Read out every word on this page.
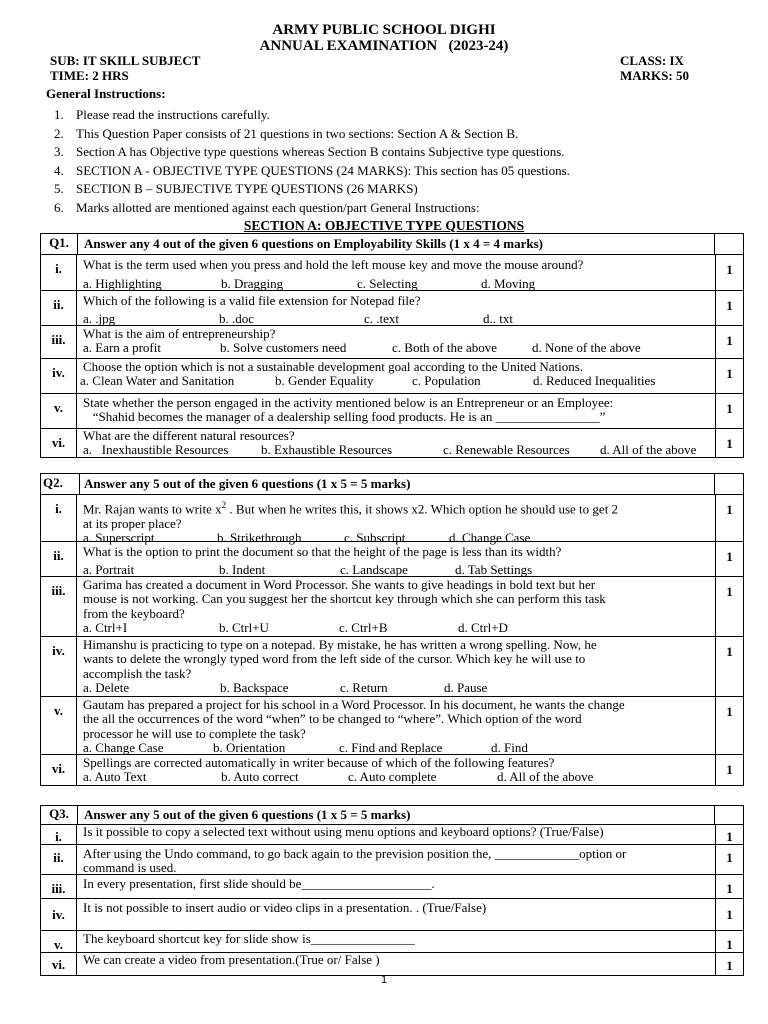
ARMY PUBLIC SCHOOL DIGHI
ANNUAL EXAMINATION   (2023-24)
SUB: IT SKILL SUBJECT	CLASS: IX
TIME: 2 HRS	MARKS: 50
General Instructions:
1. Please read the instructions carefully.
2. This Question Paper consists of 21 questions in two sections: Section A & Section B.
3. Section A has Objective type questions whereas Section B contains Subjective type questions.
4. SECTION A - OBJECTIVE TYPE QUESTIONS (24 MARKS): This section has 05 questions.
5. SECTION B – SUBJECTIVE TYPE QUESTIONS (26 MARKS)
6. Marks allotted are mentioned against each question/part General Instructions:
SECTION A: OBJECTIVE TYPE QUESTIONS
Q1.	Answer any 4 out of the given 6 questions on Employability Skills (1 x 4 = 4 marks)
i.	What is the term used when you press and hold the left mouse key and move the mouse around?
a. Highlighting	b. Dragging	c. Selecting	d. Moving
1
ii.	Which of the following is a valid file extension for Notepad file?
a. .jpg	b. .doc	c. .text	d.. txt
1
iii.	What is the aim of entrepreneurship?
a. Earn a profit	b. Solve customers need	c. Both of the above	d. None of the above	1
iv.	Choose the option which is not a sustainable development goal according to the United Nations.
a. Clean Water and Sanitation	b. Gender Equality	c. Population	d. Reduced Inequalities	1
v.	State whether the person engaged in the activity mentioned below is an Entrepreneur or an Employee:
“Shahid becomes the manager of a dealership selling food products. He is an ________________”
1
vi.	What are the different natural resources?
a.   Inexhaustible Resources	b. Exhaustible Resources	c. Renewable Resources d. All of the above	1
Q2.	Answer any 5 out of the given 6 questions (1 x 5 = 5 marks)
i.	Mr. Rajan wants to write $x^2$ . But when he writes this, it shows x2. Which option he should use to get 2
at its proper place?
a. Superscript	b. Strikethrough	c. Subscript	d. Change Case
1
ii.	What is the option to print the document so that the height of the page is less than its width?
a. Portrait	b. Indent	c. Landscape	d. Tab Settings
1
iii.	Garima has created a document in Word Processor. She wants to give headings in bold text but her
mouse is not working. Can you suggest her the shortcut key through which she can perform this task
from the keyboard?
a. Ctrl+I	b. Ctrl+U	c. Ctrl+B	d. Ctrl+D
1
iv.	Himanshu is practicing to type on a notepad. By mistake, he has written a wrong spelling. Now, he
wants to delete the wrongly typed word from the left side of the cursor. Which key he will use to
accomplish the task?
a. Delete	b. Backspace	c. Return	d. Pause
1
v.	Gautam has prepared a project for his school in a Word Processor. In his document, he wants the change
the all the occurrences of the word “when” to be changed to “where”. Which option of the word
processor he will use to complete the task?
a. Change Case	b. Orientation	c. Find and Replace	d. Find
1
vi.	Spellings are corrected automatically in writer because of which of the following features?
a. Auto Text	b. Auto correct	c. Auto complete	d. All of the above	1
Q3.	Answer any 5 out of the given 6 questions (1 x 5 = 5 marks)
i.	Is it possible to copy a selected text without using menu options and keyboard options? (True/False)	1
ii.	After using the Undo command, to go back again to the prevision position the, _____________option or
command is used.
1
iii.	In every presentation, first slide should be____________________.	1
iv.	It is not possible to insert audio or video clips in a presentation. . (True/False)	1
v.	The keyboard shortcut key for slide show is________________	1
vi.	We can create a video from presentation.(True or/ False )	1
1
